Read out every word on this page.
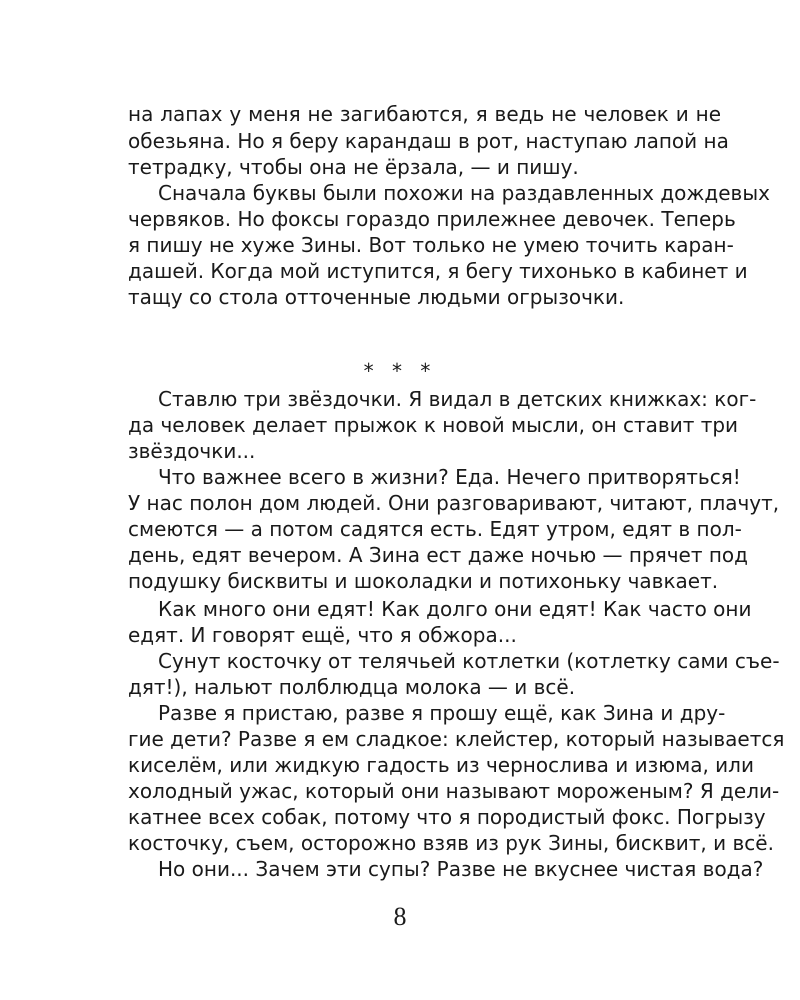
на лапах у меня не загибаются, я ведь не человек и не
обезьяна. Но я беру карандаш в рот, наступаю лапой на
тетрадку, чтобы она не ёрзала, — и пишу.
Сначала буквы были похожи на раздавленных дождевых
червяков. Но фоксы гораздо прилежнее девочек. Теперь
я пишу не хуже Зины. Вот только не умею точить каран-
дашей. Когда мой иступится, я бегу тихонько в кабинет и
тащу со стола отточенные людьми огрызочки.
* * *
Ставлю три звёздочки. Я видал в детских книжках: ког-
да человек делает прыжок к новой мысли, он ставит три
звёздочки...
Что важнее всего в жизни? Еда. Нечего притворяться!
У нас полон дом людей. Они разговаривают, читают, плачут,
смеются — а потом садятся есть. Едят утром, едят в пол-
день, едят вечером. А Зина ест даже ночью — прячет под
подушку бисквиты и шоколадки и потихоньку чавкает.
Как много они едят! Как долго они едят! Как часто они
едят. И говорят ещё, что я обжора...
Сунут косточку от телячьей котлетки (котлетку сами съе-
дят!), нальют полблюдца молока — и всё.
Разве я пристаю, разве я прошу ещё, как Зина и дру-
гие дети? Разве я ем сладкое: клейстер, который называется
киселём, или жидкую гадость из чернослива и изюма, или
холодный ужас, который они называют мороженым? Я дели-
катнее всех собак, потому что я породистый фокс. Погрызу
косточку, съем, осторожно взяв из рук Зины, бисквит, и всё.
Но они... Зачем эти супы? Разве не вкуснее чистая вода?
8
